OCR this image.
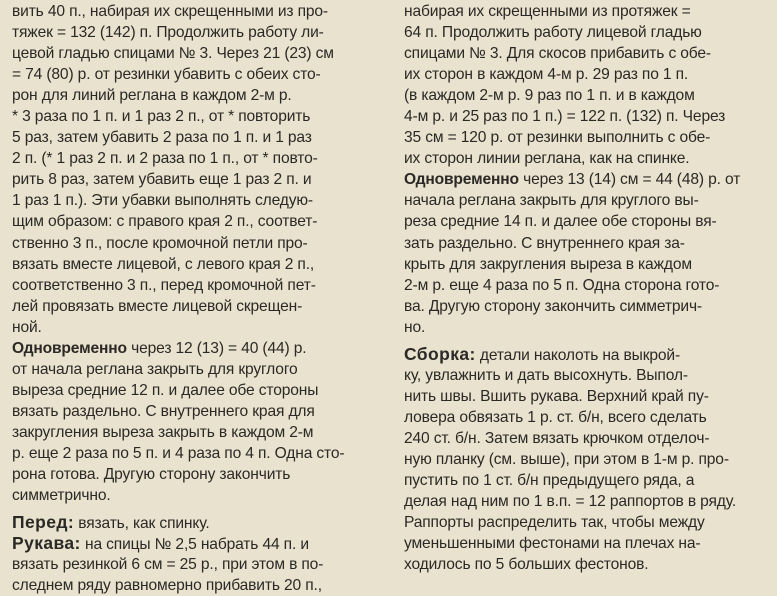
вить 40 п., набирая их скрещенными из про-
тяжек = 132 (142) п. Продолжить работу ли-
цевой гладью спицами № 3. Через 21 (23) см
= 74 (80) р. от резинки убавить с обеих сто-
рон для линий реглана в каждом 2-м р.
* 3 раза по 1 п. и 1 раз 2 п., от * повторить
5 раз, затем убавить 2 раза по 1 п. и 1 раз
2 п. (* 1 раз 2 п. и 2 раза по 1 п., от * повто-
рить 8 раз, затем убавить еще 1 раз 2 п. и
1 раз 1 п.). Эти убавки выполнять следую-
щим образом: с правого края 2 п., соответ-
ственно 3 п., после кромочной петли про-
вязать вместе лицевой, с левого края 2 п.,
соответственно 3 п., перед кромочной пет-
лей провязать вместе лицевой скрещен-
ной.
Одновременно через 12 (13) = 40 (44) р.
от начала реглана закрыть для круглого
выреза средние 12 п. и далее обе стороны
вязать раздельно. С внутреннего края для
закругления выреза закрыть в каждом 2-м
р. еще 2 раза по 5 п. и 4 раза по 4 п. Одна сто-
рона готова. Другую сторону закончить
симметрично.
Перед: вязать, как спинку.
Рукава: на спицы № 2,5 набрать 44 п. и
вязать резинкой 6 см = 25 р., при этом в по-
следнем ряду равномерно прибавить 20 п.,
набирая их скрещенными из протяжек =
64 п. Продолжить работу лицевой гладью
спицами № 3. Для скосов прибавить с обе-
их сторон в каждом 4-м р. 29 раз по 1 п.
(в каждом 2-м р. 9 раз по 1 п. и в каждом
4-м р. и 25 раз по 1 п.) = 122 п. (132) п. Через
35 см = 120 р. от резинки выполнить с обе-
их сторон линии реглана, как на спинке.
Одновременно через 13 (14) см = 44 (48) р. от
начала реглана закрыть для круглого вы-
реза средние 14 п. и далее обе стороны вя-
зать раздельно. С внутреннего края за-
крыть для закругления выреза в каждом
2-м р. еще 4 раза по 5 п. Одна сторона гото-
ва. Другую сторону закончить симметрич-
но.
Сборка: детали наколоть на выкрой-
ку, увлажнить и дать высохнуть. Выпол-
нить швы. Вшить рукава. Верхний край пу-
ловера обвязать 1 р. ст. б/н, всего сделать
240 ст. б/н. Затем вязать крючком отделоч-
ную планку (см. выше), при этом в 1-м р. про-
пустить по 1 ст. б/н предыдущего ряда, а
делая над ним по 1 в.п. = 12 раппортов в ряду.
Раппорты распределить так, чтобы между
уменьшенными фестонами на плечах на-
ходилось по 5 больших фестонов.
